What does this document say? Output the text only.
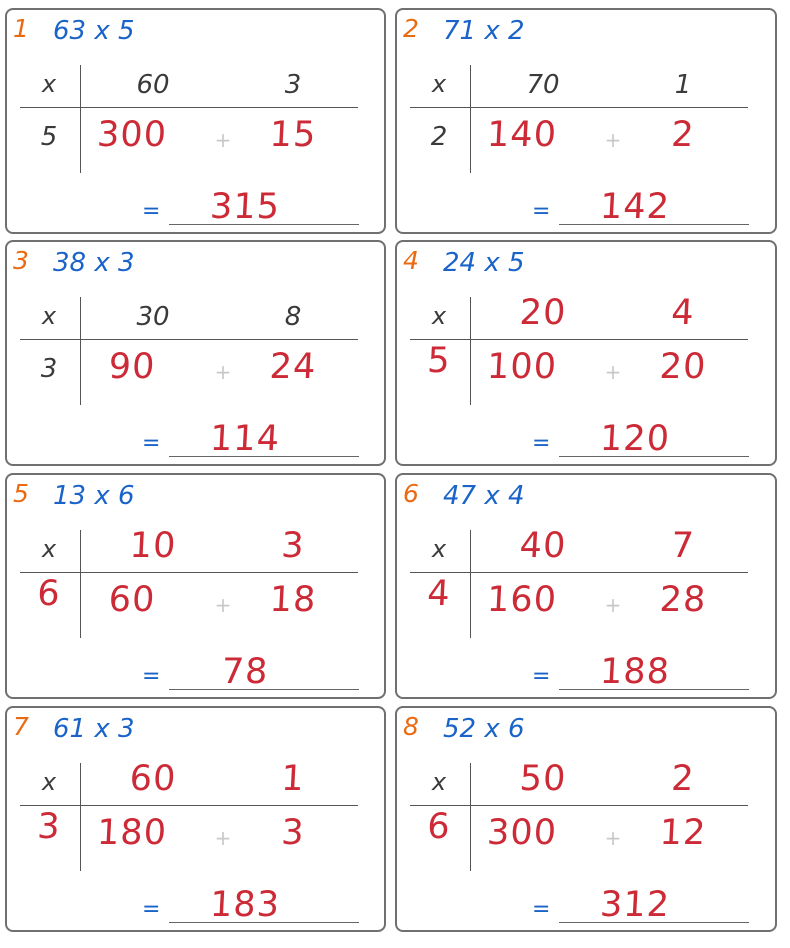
1 63 x 5
x	60	3
5 300 + 15
= 315
2 71 x 2
x	70	1
2 140 + 2
= 142
3 38 x 3
x	30	8
3 90	+ 24
= 114
4 24 x 5
x 20	4
5 100 + 20
= 120
5 13 x 6
x 10	3
6 60	+ 18
= 78
6 47 x 4
x 40	7
4 160 + 28
= 188
7 61 x 3
x 60	1
3 180 + 3
= 183
8 52 x 6
x 50	2
6 300 + 12
= 312
